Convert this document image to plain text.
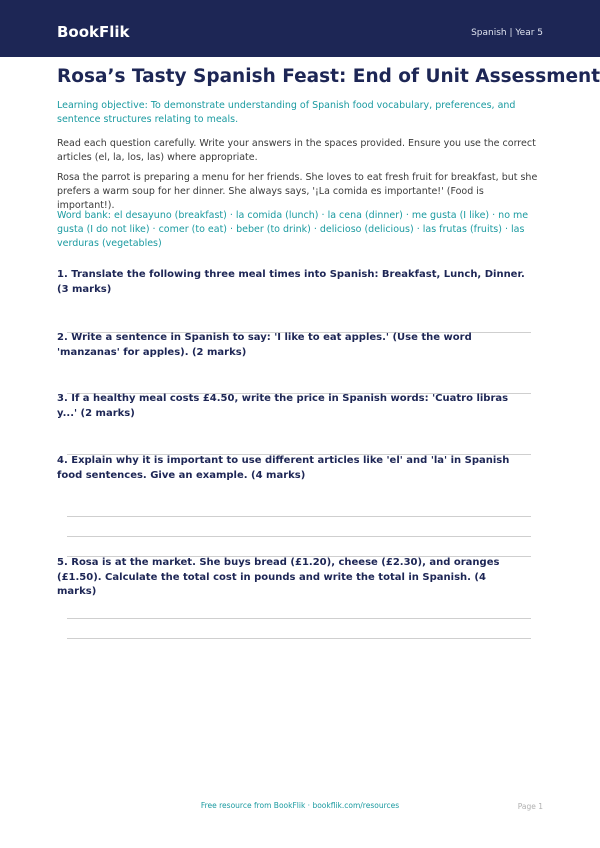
BookFlik	Spanish | Year 5
Rosa’s Tasty Spanish Feast: End of Unit Assessment

Learning objective: To demonstrate understanding of Spanish food vocabulary, preferences, and sentence structures relating to meals.

Read each question carefully. Write your answers in the spaces provided. Ensure you use the correct articles (el, la, los, las) where appropriate.

Rosa the parrot is preparing a menu for her friends. She loves to eat fresh fruit for breakfast, but she prefers a warm soup for her dinner. She always says, '¡La comida es importante!' (Food is important!).

Word bank: el desayuno (breakfast) · la comida (lunch) · la cena (dinner) · me gusta (I like) · no me gusta (I do not like) · comer (to eat) · beber (to drink) · delicioso (delicious) · las frutas (fruits) · las verduras (vegetables)

1. Translate the following three meal times into Spanish: Breakfast, Lunch, Dinner. (3 marks)

2. Write a sentence in Spanish to say: 'I like to eat apples.' (Use the word 'manzanas' for apples). (2 marks)

3. If a healthy meal costs £4.50, write the price in Spanish words: 'Cuatro libras y...' (2 marks)

4. Explain why it is important to use different articles like 'el' and 'la' in Spanish food sentences. Give an example. (4 marks)

5. Rosa is at the market. She buys bread (£1.20), cheese (£2.30), and oranges (£1.50). Calculate the total cost in pounds and write the total in Spanish. (4 marks)

Free resource from BookFlik · bookflik.com/resources	Page 1
